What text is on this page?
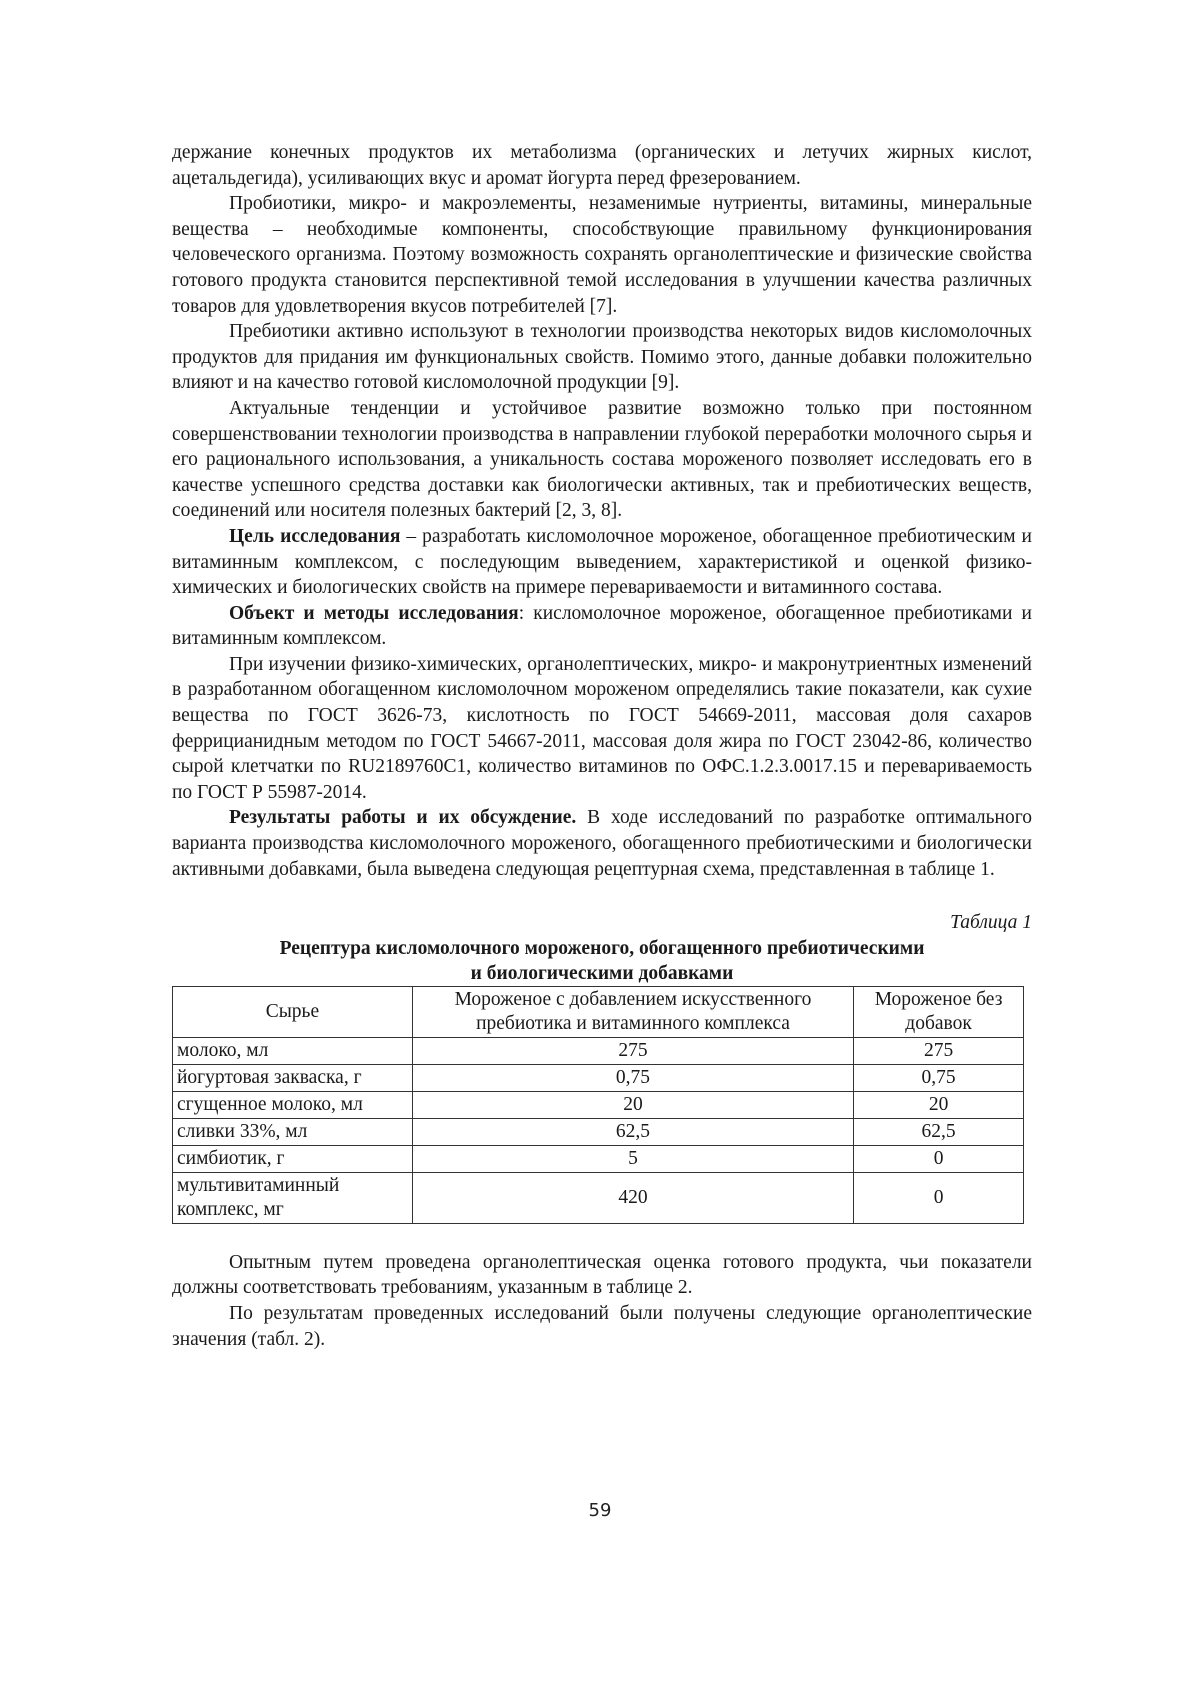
держание конечных продуктов их метаболизма (органических и летучих жирных кислот, ацетальдегида), усиливающих вкус и аромат йогурта перед фрезерованием.

Пробиотики, микро- и макроэлементы, незаменимые нутриенты, витамины, минеральные вещества – необходимые компоненты, способствующие правильному функционирования человеческого организма. Поэтому возможность сохранять органолептические и физические свойства готового продукта становится перспективной темой исследования в улучшении качества различных товаров для удовлетворения вкусов потребителей [7].

Пребиотики активно используют в технологии производства некоторых видов кисломолочных продуктов для придания им функциональных свойств. Помимо этого, данные добавки положительно влияют и на качество готовой кисломолочной продукции [9].

Актуальные тенденции и устойчивое развитие возможно только при постоянном совершенствовании технологии производства в направлении глубокой переработки молочного сырья и его рационального использования, а уникальность состава мороженого позволяет исследовать его в качестве успешного средства доставки как биологически активных, так и пребиотических веществ, соединений или носителя полезных бактерий [2, 3, 8].

Цель исследования – разработать кисломолочное мороженое, обогащенное пребиотическим и витаминным комплексом, с последующим выведением, характеристикой и оценкой физико-химических и биологических свойств на примере перевариваемости и витаминного состава.

Объект и методы исследования: кисломолочное мороженое, обогащенное пребиотиками и витаминным комплексом.

При изучении физико-химических, органолептических, микро- и макронутриентных изменений в разработанном обогащенном кисломолочном мороженом определялись такие показатели, как сухие вещества по ГОСТ 3626-73, кислотность по ГОСТ 54669-2011, массовая доля сахаров феррицианидным методом по ГОСТ 54667-2011, массовая доля жира по ГОСТ 23042-86, количество сырой клетчатки по RU2189760C1, количество витаминов по ОФС.1.2.3.0017.15 и перевариваемость по ГОСТ Р 55987-2014.

Результаты работы и их обсуждение. В ходе исследований по разработке оптимального варианта производства кисломолочного мороженого, обогащенного пребиотическими и биологически активными добавками, была выведена следующая рецептурная схема, представленная в таблице 1.

Таблица 1

Рецептура кисломолочного мороженого, обогащенного пребиотическими

и биологическими добавками

Сырье	Мороженое с добавлением искусственного пребиотика и витаминного комплекса	Мороженое без добавок
молоко, мл	275	275
йогуртовая закваска, г	0,75	0,75
сгущенное молоко, мл	20	20
сливки 33%, мл	62,5	62,5
симбиотик, г	5	0
мультивитаминный комплекс, мг	420	0

Опытным путем проведена органолептическая оценка готового продукта, чьи показатели должны соответствовать требованиям, указанным в таблице 2.

По результатам проведенных исследований были получены следующие органолептические значения (табл. 2).

59
